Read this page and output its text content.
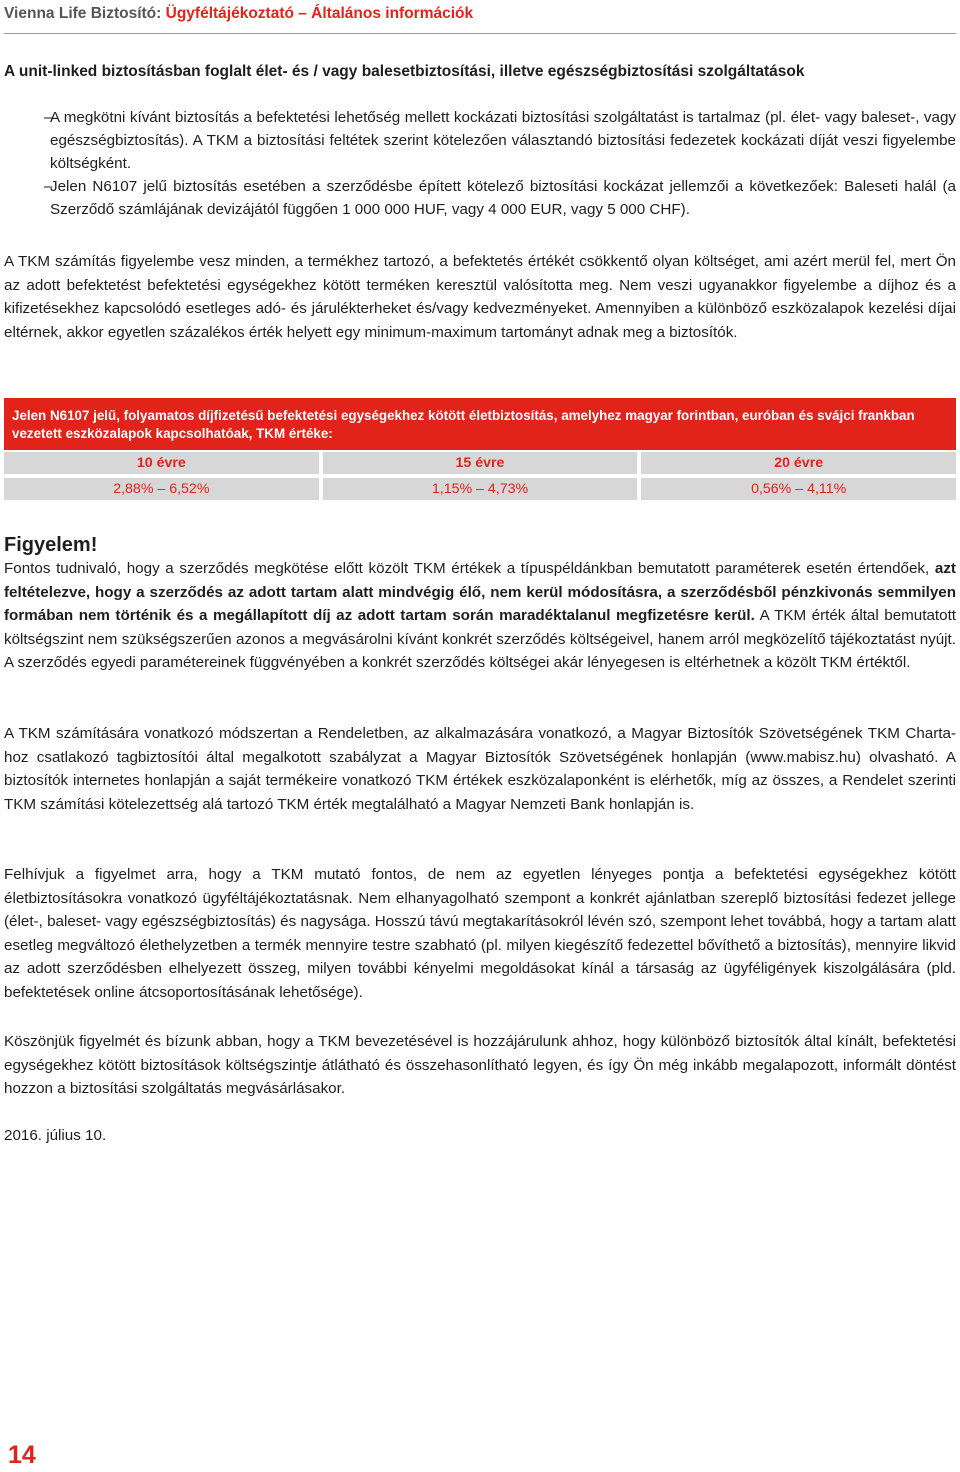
Vienna Life Biztosító: Ügyféltájékoztató – Általános információk
A unit-linked biztosításban foglalt élet- és / vagy balesetbiztosítási, illetve egészségbiztosítási szolgáltatások
–
A megkötni kívánt biztosítás a befektetési lehetőség mellett kockázati biztosítási szolgáltatást is tartalmaz (pl. élet- vagy baleset-, vagy egészségbiztosítás). A TKM a biztosítási feltétek szerint kötelezően választandó biztosítási fedezetek kockázati díját veszi figyelembe költségként.
–
Jelen N6107 jelű biztosítás esetében a szerződésbe épített kötelező biztosítási kockázat jellemzői a következőek: Baleseti halál (a Szerződő számlájának devizájától függően 1 000 000 HUF, vagy 4 000 EUR, vagy 5 000 CHF).

A TKM számítás figyelembe vesz minden, a termékhez tartozó, a befektetés értékét csökkentő olyan költséget, ami azért merül fel, mert Ön az adott befektetést befektetési egységekhez kötött terméken keresztül valósította meg. Nem veszi ugyanakkor figyelembe a díjhoz és a kifizetésekhez kapcsolódó esetleges adó- és járulékterheket és/vagy kedvezményeket. Amennyiben a különböző eszközalapok kezelési díjai eltérnek, akkor egyetlen százalékos érték helyett egy minimum-maximum tartományt adnak meg a biztosítók.

Jelen N6107 jelű, folyamatos díjfizetésű befektetési egységekhez kötött életbiztosítás, amelyhez magyar forintban, euróban és svájci frankban vezetett eszközalapok kapcsolhatóak, TKM értéke:
10 évre	15 évre	20 évre
2,88% – 6,52%	1,15% – 4,73%	0,56% – 4,11%
Figyelem!

Fontos tudnivaló, hogy a szerződés megkötése előtt közölt TKM értékek a típuspéldánkban bemutatott paraméterek esetén értendőek, azt feltételezve, hogy a szerződés az adott tartam alatt mindvégig élő, nem kerül módosításra, a szerződésből pénzkivonás semmilyen formában nem történik és a megállapított díj az adott tartam során maradéktalanul megfizetésre kerül. A TKM érték által bemutatott költségszint nem szükségszerűen azonos a megvásárolni kívánt konkrét szerződés költségeivel, hanem arról megközelítő tájékoztatást nyújt. A szerződés egyedi paramétereinek függvényében a konkrét szerződés költségei akár lényegesen is eltérhetnek a közölt TKM értéktől.

A TKM számítására vonatkozó módszertan a Rendeletben, az alkalmazására vonatkozó, a Magyar Biztosítók Szövetségének TKM Charta-hoz csatlakozó tagbiztosítói által megalkotott szabályzat a Magyar Biztosítók Szövetségének honlapján (www.mabisz.hu) olvasható. A biztosítók internetes honlapján a saját termékeire vonatkozó TKM értékek eszközalaponként is elérhetők, míg az összes, a Rendelet szerinti TKM számítási kötelezettség alá tartozó TKM érték megtalálható a Magyar Nemzeti Bank honlapján is.

Felhívjuk a figyelmet arra, hogy a TKM mutató fontos, de nem az egyetlen lényeges pontja a befektetési egységekhez kötött életbiztosításokra vonatkozó ügyféltájékoztatásnak. Nem elhanyagolható szempont a konkrét ajánlatban szereplő biztosítási fedezet jellege (élet-, baleset- vagy egészségbiztosítás) és nagysága. Hosszú távú megtakarításokról lévén szó, szempont lehet továbbá, hogy a tartam alatt esetleg megváltozó élethelyzetben a termék mennyire testre szabható (pl. milyen kiegészítő fedezettel bővíthető a biztosítás), mennyire likvid az adott szerződésben elhelyezett összeg, milyen további kényelmi megoldásokat kínál a társaság az ügyféligények kiszolgálására (pld. befektetések online átcsoportosításának lehetősége).

Köszönjük figyelmét és bízunk abban, hogy a TKM bevezetésével is hozzájárulunk ahhoz, hogy különböző biztosítók által kínált, befektetési egységekhez kötött biztosítások költségszintje átlátható és összehasonlítható legyen, és így Ön még inkább megalapozott, informált döntést hozzon a biztosítási szolgáltatás megvásárlásakor.

2016. július 10.
14
